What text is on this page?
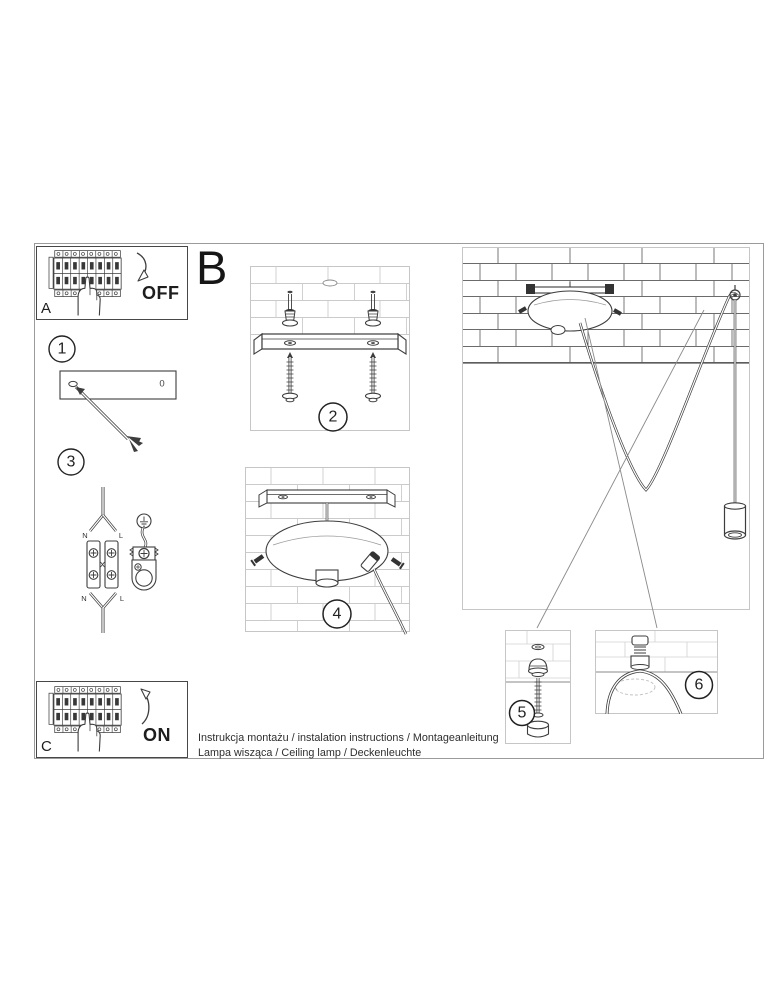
OFF
A
B
1
0
3
N	L
N	L
2
4
5
6
ON
C	Instrukcja montażu / instalation instructions / Montageanleitung

Lampa wisząca / Ceiling lamp / Deckenleuchte
